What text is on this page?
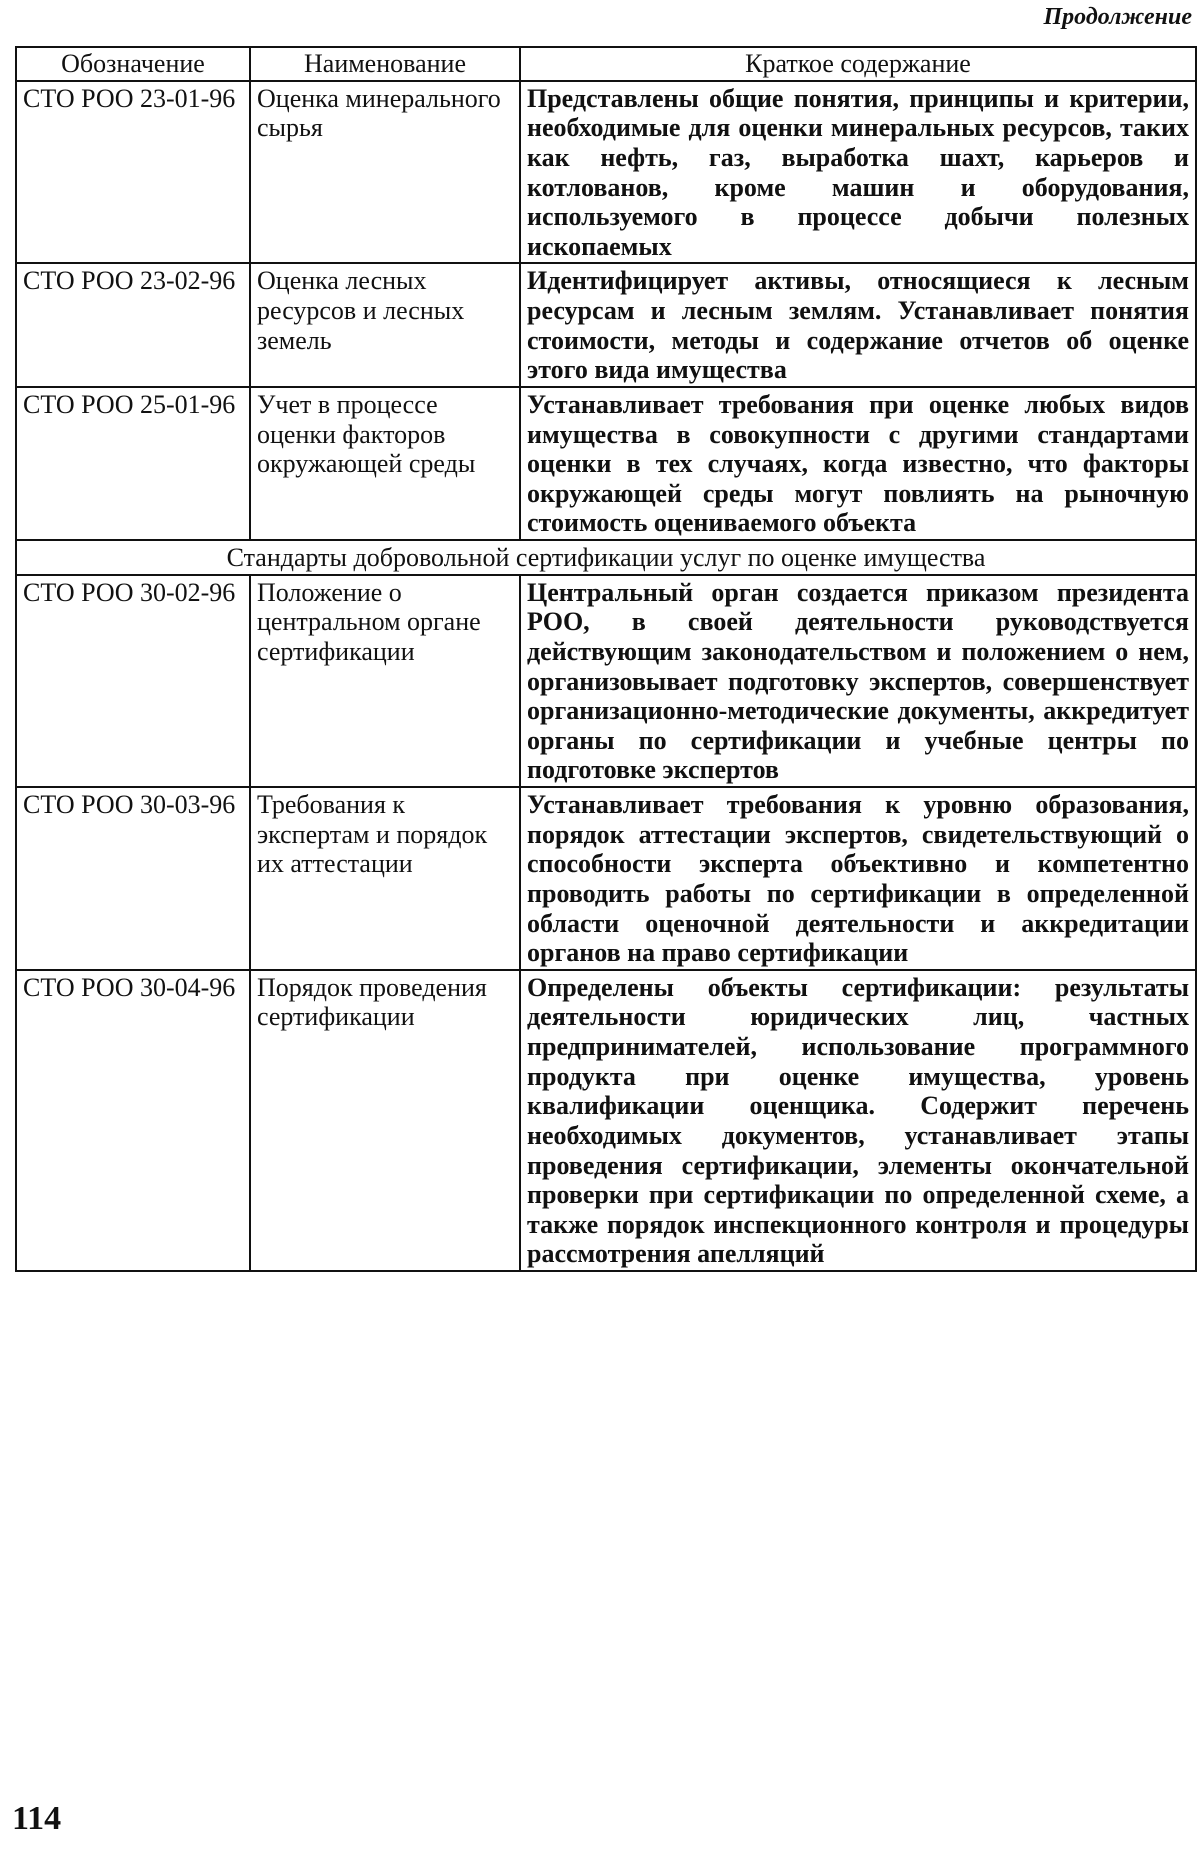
Продолжение
Обозначение	Наименование	Краткое содержание
СТО РОО 23-01-96	Оценка минерального сырья	Представлены общие понятия, принципы и критерии, необходимые для оценки минеральных ресурсов, таких как нефть, газ, выработка шахт, карьеров и котлованов, кроме машин и оборудования, используемого в процессе добычи полезных ископаемых
СТО РОО 23-02-96	Оценка лесных ресурсов и лесных земель	Идентифицирует активы, относящиеся к лесным ресурсам и лесным землям. Устанавливает понятия стоимости, методы и содержание отчетов об оценке этого вида имущества
СТО РОО 25-01-96	Учет в процессе оценки факторов окружающей среды	Устанавливает требования при оценке любых видов имущества в совокупности с другими стандартами оценки в тех случаях, когда известно, что факторы окружающей среды могут повлиять на рыночную стоимость оцениваемого объекта
Стандарты добровольной сертификации услуг по оценке имущества		
СТО РОО 30-02-96	Положение о центральном органе сертификации	Центральный орган создается приказом президента РОО, в своей деятельности руководствуется действующим законодательством и положением о нем, организовывает подготовку экспертов, совершенствует организационно-методические документы, аккредитует органы по сертификации и учебные центры по подготовке экспертов
СТО РОО 30-03-96	Требования к экспертам и порядок их аттестации	Устанавливает требования к уровню образования, порядок аттестации экспертов, свидетельствующий о способности эксперта объективно и компетентно проводить работы по сертификации в определенной области оценочной деятельности и аккредитации органов на право сертификации
СТО РОО 30-04-96	Порядок проведения сертификации	Определены объекты сертификации: результаты деятельности юридических лиц, частных предпринимателей, использование программного продукта при оценке имущества, уровень квалификации оценщика. Содержит перечень необходимых документов, устанавливает этапы проведения сертификации, элементы окончательной проверки при сертификации по определенной схеме, а также порядок инспекционного контроля и процедуры рассмотрения апелляций
114
